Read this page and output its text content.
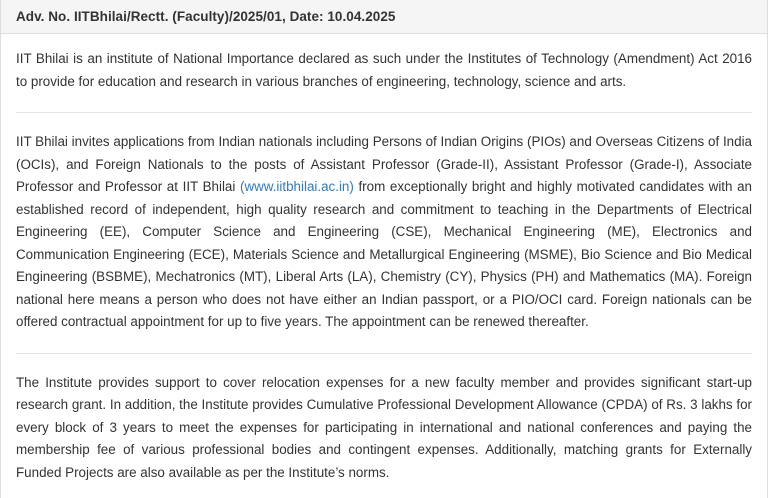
Adv. No. IITBhilai/Rectt. (Faculty)/2025/01, Date: 10.04.2025

IIT Bhilai is an institute of National Importance declared as such under the Institutes of Technology (Amendment) Act 2016 to provide for education and research in various branches of engineering, technology, science and arts.

IIT Bhilai invites applications from Indian nationals including Persons of Indian Origins (PIOs) and Overseas Citizens of India (OCIs), and Foreign Nationals to the posts of Assistant Professor (Grade-II), Assistant Professor (Grade-I), Associate Professor and Professor at IIT Bhilai (www.iitbhilai.ac.in) from exceptionally bright and highly motivated candidates with an established record of independent, high quality research and commitment to teaching in the Departments of Electrical Engineering (EE), Computer Science and Engineering (CSE), Mechanical Engineering (ME), Electronics and Communication Engineering (ECE), Materials Science and Metallurgical Engineering (MSME), Bio Science and Bio Medical Engineering (BSBME), Mechatronics (MT), Liberal Arts (LA), Chemistry (CY), Physics (PH) and Mathematics (MA). Foreign national here means a person who does not have either an Indian passport, or a PIO/OCI card. Foreign nationals can be offered contractual appointment for up to five years. The appointment can be renewed thereafter.

The Institute provides support to cover relocation expenses for a new faculty member and provides significant start-up research grant. In addition, the Institute provides Cumulative Professional Development Allowance (CPDA) of Rs. 3 lakhs for every block of 3 years to meet the expenses for participating in international and national conferences and paying the membership fee of various professional bodies and contingent expenses. Additionally, matching grants for Externally Funded Projects are also available as per the Institute’s norms.
